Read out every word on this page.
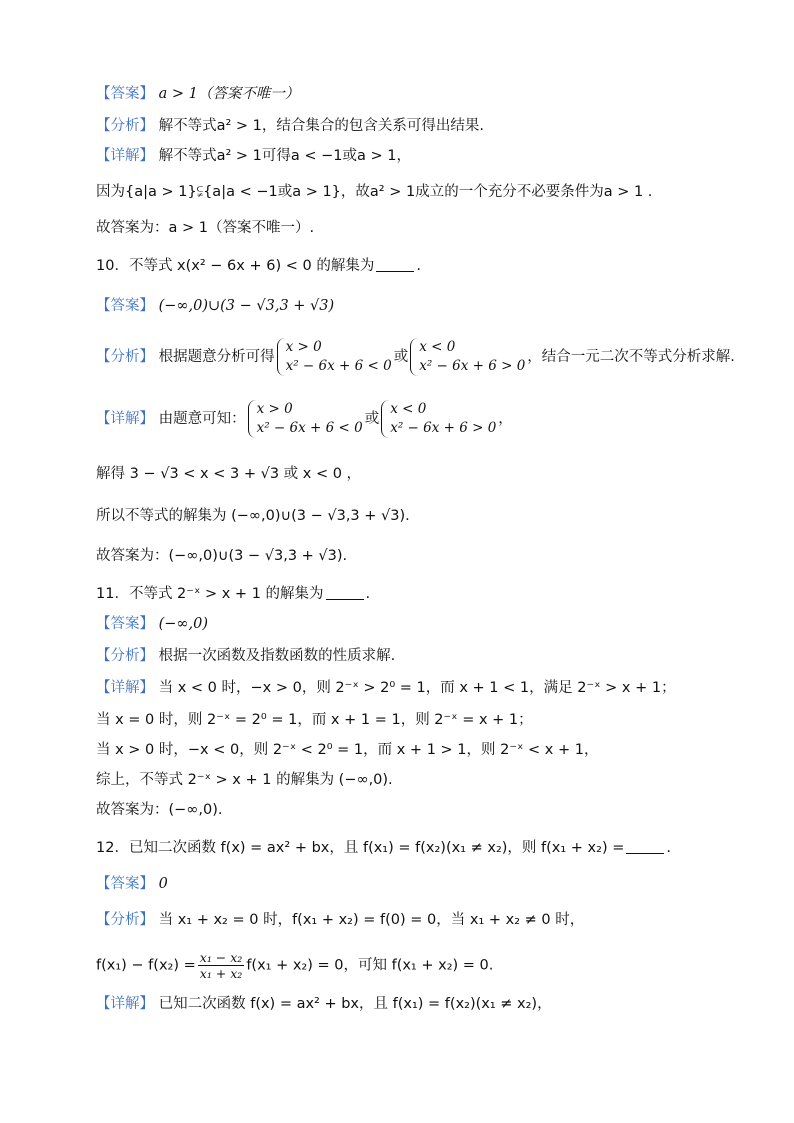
【答案】 a > 1（答案不唯一）
【分析】 解不等式a² > 1，结合集合的包含关系可得出结果.
【详解】 解不等式a² > 1可得a < −1或a > 1，
因为{a|a > 1}⫋{a|a < −1或a > 1}，故a² > 1成立的一个充分不必要条件为a > 1 .
故答案为：a > 1（答案不唯一）.
10．不等式 x(x² − 6x + 6) < 0 的解集为	.
【答案】 (−∞,0)∪(3 − √3,3 + √3)
【分析】 根据题意分析可得
x > 0
x² − 6x + 6 < 0
或
x < 0
x² − 6x + 6 > 0
，结合一元二次不等式分析求解.
【详解】 由题意可知：
x > 0
x² − 6x + 6 < 0
或
x < 0
x² − 6x + 6 > 0
，
解得 3 − √3 < x < 3 + √3 或 x < 0 ，
所以不等式的解集为 (−∞,0)∪(3 − √3,3 + √3).
故答案为：(−∞,0)∪(3 − √3,3 + √3).
11．不等式 2⁻ˣ > x + 1 的解集为	.
【答案】 (−∞,0)
【分析】 根据一次函数及指数函数的性质求解.
【详解】 当 x < 0 时，−x > 0，则 2⁻ˣ > 2⁰ = 1，而 x + 1 < 1，满足 2⁻ˣ > x + 1；
当 x = 0 时，则 2⁻ˣ = 2⁰ = 1，而 x + 1 = 1，则 2⁻ˣ = x + 1；
当 x > 0 时，−x < 0，则 2⁻ˣ < 2⁰ = 1，而 x + 1 > 1，则 2⁻ˣ < x + 1，
综上，不等式 2⁻ˣ > x + 1 的解集为 (−∞,0).
故答案为：(−∞,0).
12．已知二次函数 f(x) = ax² + bx，且 f(x₁) = f(x₂)(x₁ ≠ x₂)，则 f(x₁ + x₂) =	.
【答案】 0
【分析】 当 x₁ + x₂ = 0 时，f(x₁ + x₂) = f(0) = 0，当 x₁ + x₂ ≠ 0 时，
$f(x_1) - f(x_2) = \frac{\text{x₁ − x₂}}{\text{x₁ + x₂}} f(x_1 + x_2) = 0$，可知 f(x₁ + x₂) = 0.
【详解】 已知二次函数 f(x) = ax² + bx，且 f(x₁) = f(x₂)(x₁ ≠ x₂)，
